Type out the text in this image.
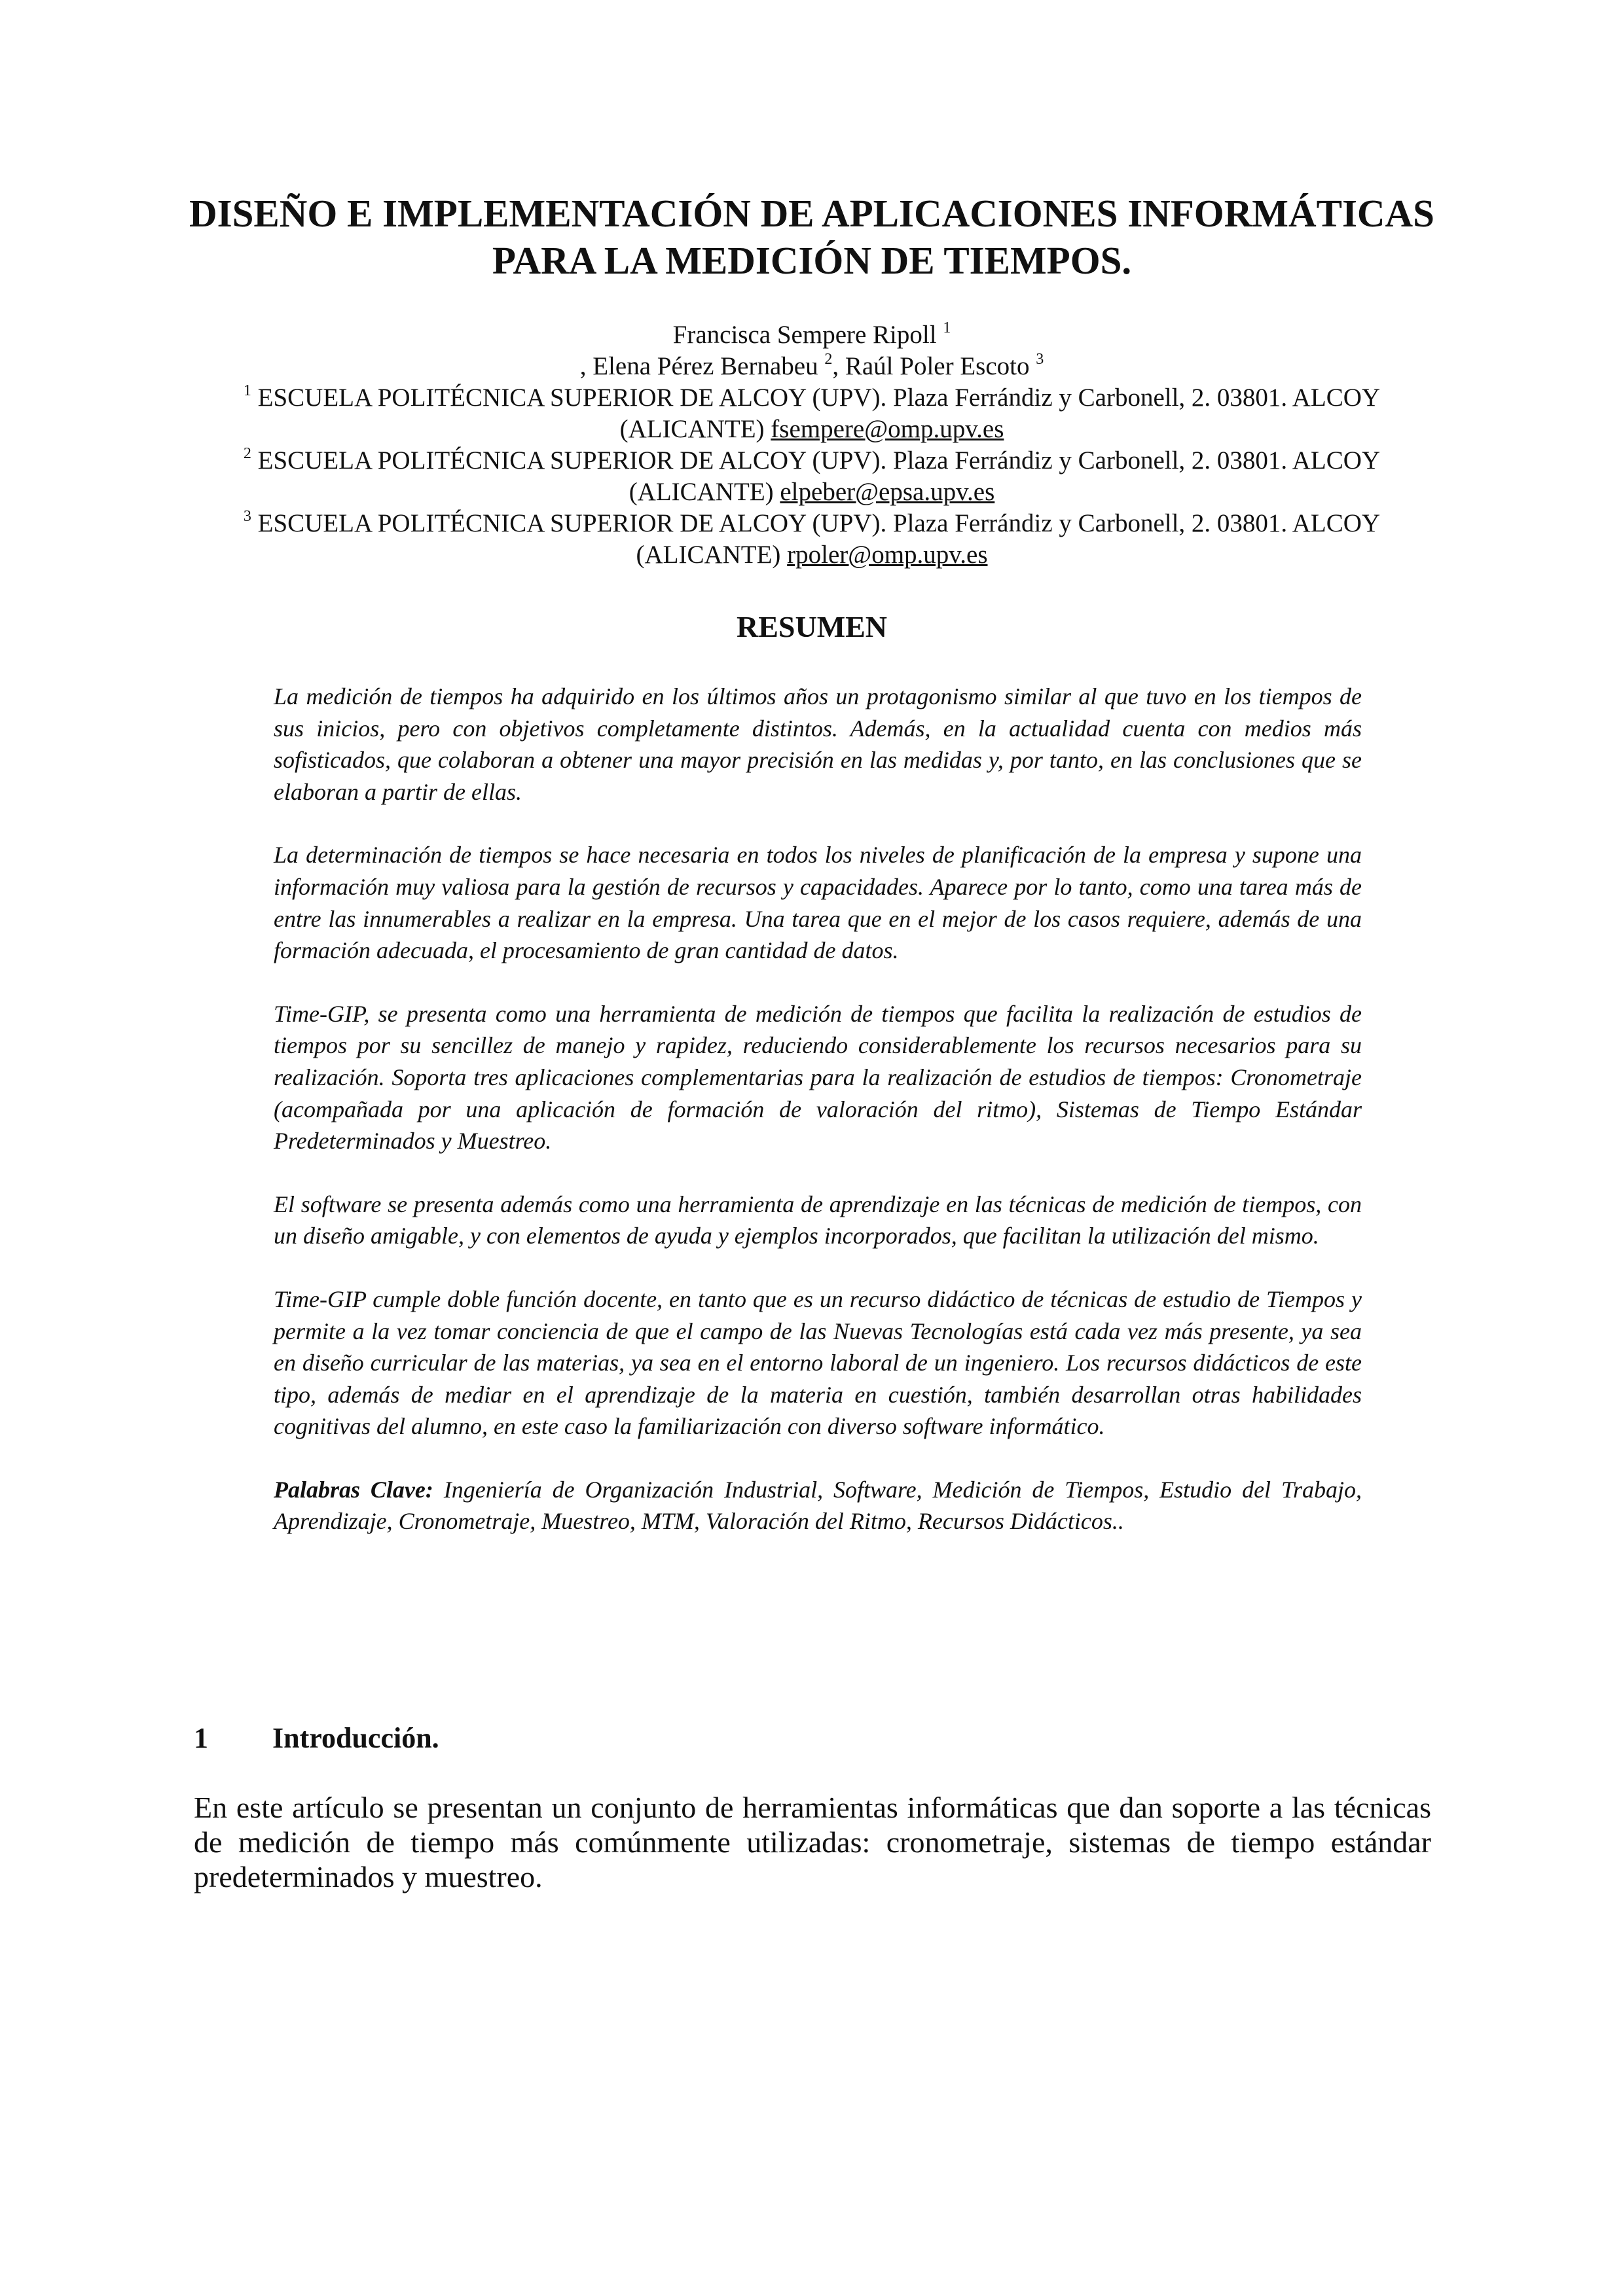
DISEÑO E IMPLEMENTACIÓN DE APLICACIONES INFORMÁTICAS
PARA LA MEDICIÓN DE TIEMPOS.
Francisca Sempere Ripoll $^1$
, Elena Pérez Bernabeu $^2$, Raúl Poler Escoto $^3$
$^1$ ESCUELA POLITÉCNICA SUPERIOR DE ALCOY (UPV). Plaza Ferrándiz y Carbonell, 2. 03801. ALCOY
(ALICANTE) fsempere@omp.upv.es
$^2$ ESCUELA POLITÉCNICA SUPERIOR DE ALCOY (UPV). Plaza Ferrándiz y Carbonell, 2. 03801. ALCOY
(ALICANTE) elpeber@epsa.upv.es
$^3$ ESCUELA POLITÉCNICA SUPERIOR DE ALCOY (UPV). Plaza Ferrándiz y Carbonell, 2. 03801. ALCOY
(ALICANTE) rpoler@omp.upv.es
RESUMEN

La medición de tiempos ha adquirido en los últimos años un protagonismo similar al que tuvo en los tiempos de sus inicios, pero con objetivos completamente distintos. Además, en la actualidad cuenta con medios más sofisticados, que colaboran a obtener una mayor precisión en las medidas y, por tanto, en las conclusiones que se elaboran a partir de ellas.

La determinación de tiempos se hace necesaria en todos los niveles de planificación de la empresa y supone una información muy valiosa para la gestión de recursos y capacidades. Aparece por lo tanto, como una tarea más de entre las innumerables a realizar en la empresa. Una tarea que en el mejor de los casos requiere, además de una formación adecuada, el procesamiento de gran cantidad de datos.

Time-GIP, se presenta como una herramienta de medición de tiempos que facilita la realización de estudios de tiempos por su sencillez de manejo y rapidez, reduciendo considerablemente los recursos necesarios para su realización. Soporta tres aplicaciones complementarias para la realización de estudios de tiempos: Cronometraje (acompañada por una aplicación de formación de valoración del ritmo), Sistemas de Tiempo Estándar Predeterminados y Muestreo.

El software se presenta además como una herramienta de aprendizaje en las técnicas de medición de tiempos, con un diseño amigable, y con elementos de ayuda y ejemplos incorporados, que facilitan la utilización del mismo.

Time-GIP cumple doble función docente, en tanto que es un recurso didáctico de técnicas de estudio de Tiempos y permite a la vez tomar conciencia de que el campo de las Nuevas Tecnologías está cada vez más presente, ya sea en diseño curricular de las materias, ya sea en el entorno laboral de un ingeniero. Los recursos didácticos de este tipo, además de mediar en el aprendizaje de la materia en cuestión, también desarrollan otras habilidades cognitivas del alumno, en este caso la familiarización con diverso software informático.

Palabras Clave: Ingeniería de Organización Industrial, Software, Medición de Tiempos, Estudio del Trabajo, Aprendizaje, Cronometraje, Muestreo, MTM, Valoración del Ritmo, Recursos Didácticos..

1 Introducción.

En este artículo se presentan un conjunto de herramientas informáticas que dan soporte a las técnicas de medición de tiempo más comúnmente utilizadas: cronometraje, sistemas de tiempo estándar predeterminados y muestreo.
